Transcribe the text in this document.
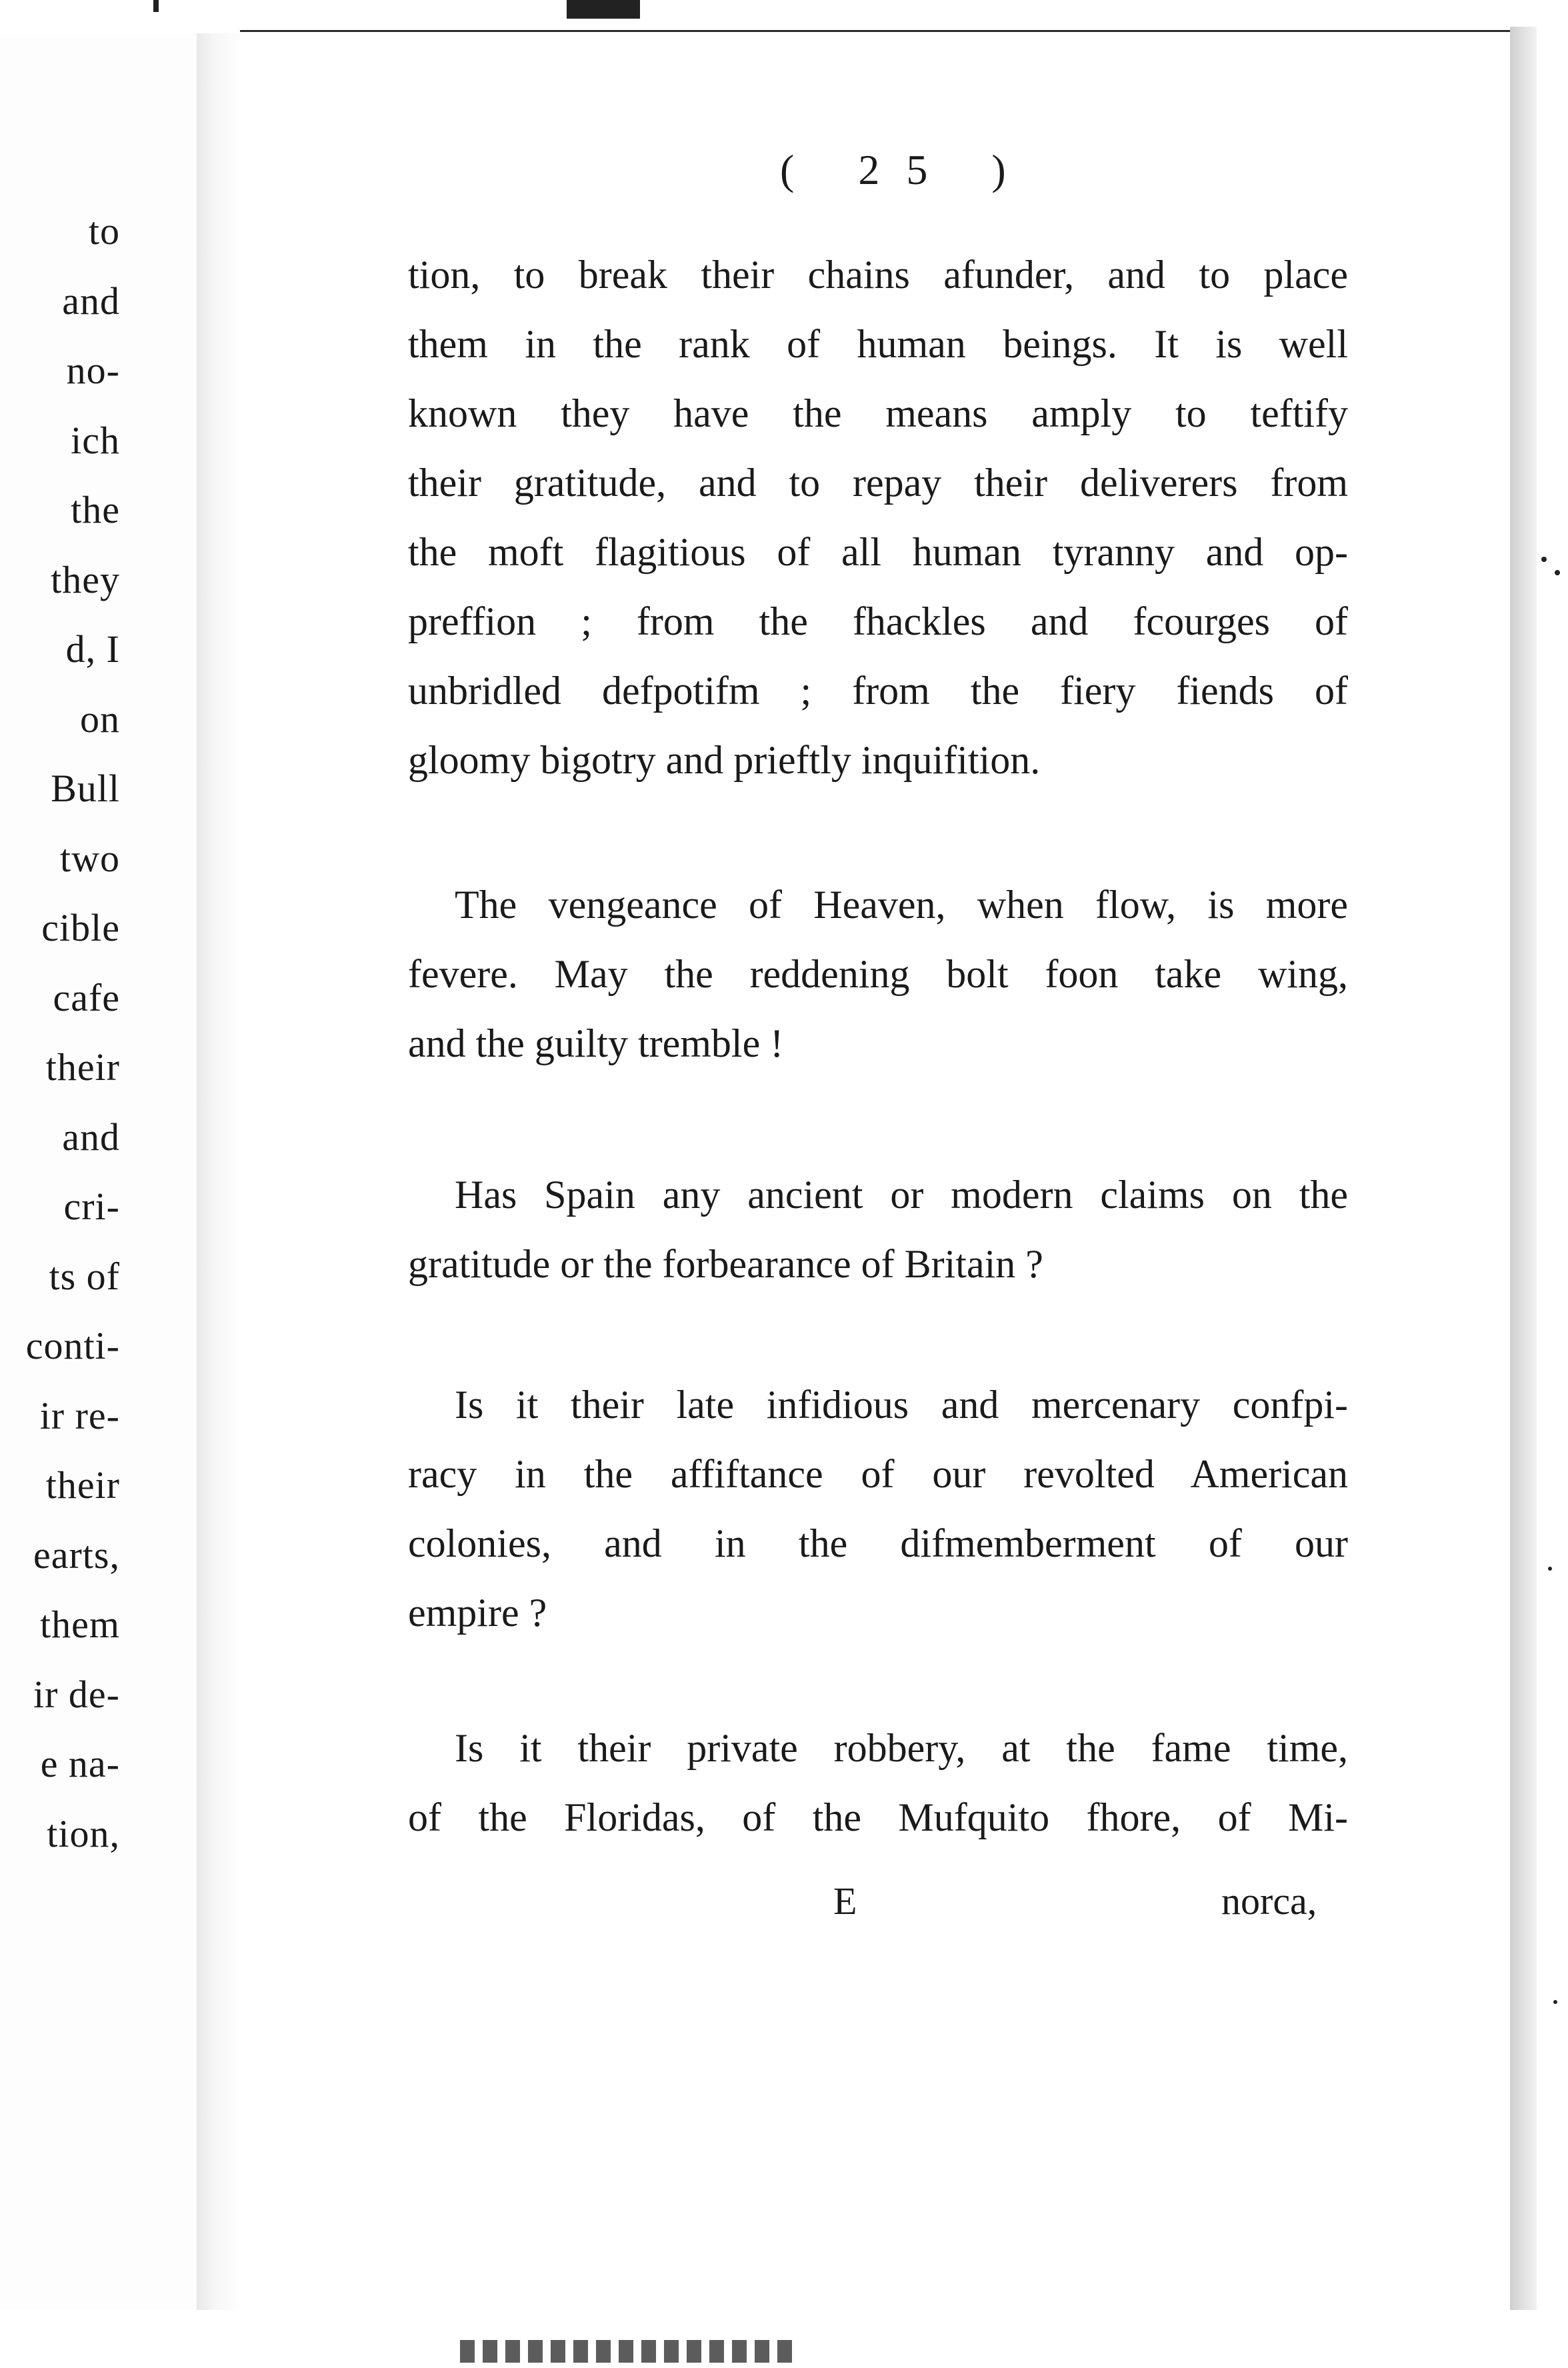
to
and
no-
ich
the
they
d, I
on
Bull
two
cible
cafe
their
and
cri-
ts of
conti-
ir re-
their
earts,
them
ir de-
e na-
tion,
( 25 )
tion, to break their chains afunder, and to place
them in the rank of human beings. It is well
known they have the means amply to teftify
their gratitude, and to repay their deliverers from
the moft flagitious of all human tyranny and op-
preffion ; from the fhackles and fcourges of
unbridled defpotifm ; from the fiery fiends of
gloomy bigotry and prieftly inquifition.
The vengeance of Heaven, when flow, is more
fevere. May the reddening bolt foon take wing,
and the guilty tremble !
Has Spain any ancient or modern claims on the
gratitude or the forbearance of Britain ?
Is it their late infidious and mercenary confpi-
racy in the affiftance of our revolted American
colonies, and in the difmemberment of our
empire ?
Is it their private robbery, at the fame time,
of the Floridas, of the Mufquito fhore, of Mi-
E	norca,
